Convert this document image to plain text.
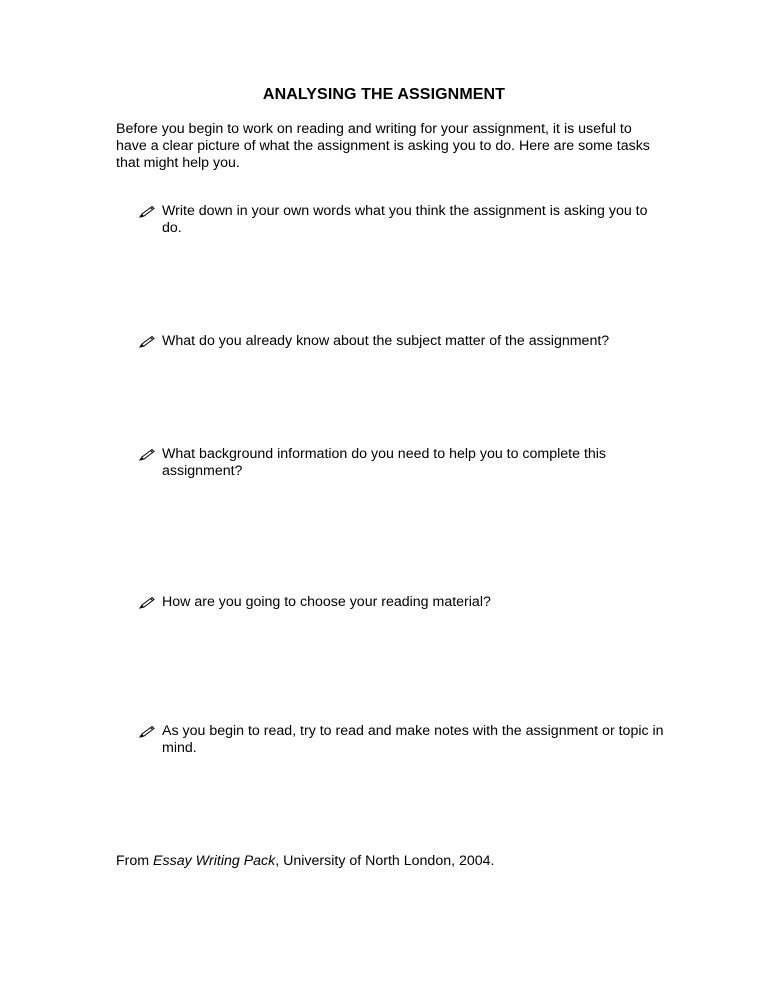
ANALYSING THE ASSIGNMENT
Before you begin to work on reading and writing for your assignment, it is useful to have a clear picture of what the assignment is asking you to do. Here are some tasks that might help you.
Write down in your own words what you think the assignment is asking you to do.
What do you already know about the subject matter of the assignment?
What background information do you need to help you to complete this assignment?
How are you going to choose your reading material?
As you begin to read, try to read and make notes with the assignment or topic in mind.
From Essay Writing Pack, University of North London, 2004.
